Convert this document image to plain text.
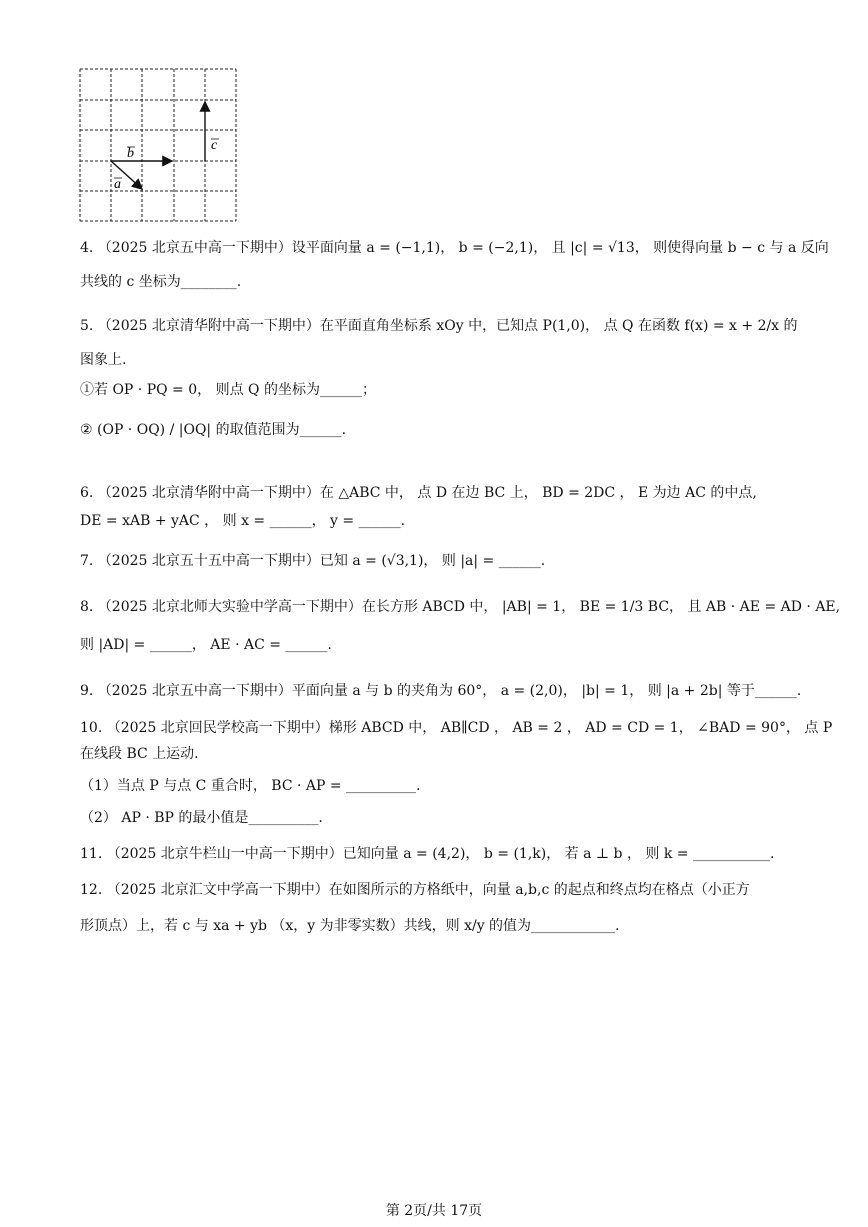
a
b
c
4. （2025 北京五中高一下期中）设平面向量 a = (−1,1)， b = (−2,1)， 且 |c| = √13， 则使得向量 b − c 与 a 反向
共线的 c 坐标为________.
5. （2025 北京清华附中高一下期中）在平面直角坐标系 xOy 中，已知点 P(1,0)， 点 Q 在函数 f(x) = x + 2/x 的
图象上.
①若 OP · PQ = 0， 则点 Q 的坐标为______；
② (OP · OQ) / |OQ| 的取值范围为______.
6. （2025 北京清华附中高一下期中）在 △ABC 中， 点 D 在边 BC 上， BD = 2DC ， E 为边 AC 的中点,
DE = xAB + yAC ， 则 x = ______， y = ______.
7. （2025 北京五十五中高一下期中）已知 a = (√3,1)， 则 |a| = ______.
8. （2025 北京北师大实验中学高一下期中）在长方形 ABCD 中， |AB| = 1， BE = 1/3 BC， 且 AB · AE = AD · AE,
则 |AD| = ______， AE · AC = ______.
9. （2025 北京五中高一下期中）平面向量 a 与 b 的夹角为 60°， a = (2,0)， |b| = 1， 则 |a + 2b| 等于______.
10. （2025 北京回民学校高一下期中）梯形 ABCD 中， AB∥CD ， AB = 2 ， AD = CD = 1， ∠BAD = 90°， 点 P
在线段 BC 上运动.
（1）当点 P 与点 C 重合时， BC · AP = __________.
（2） AP · BP 的最小值是__________.
11. （2025 北京牛栏山一中高一下期中）已知向量 a = (4,2)， b = (1,k)， 若 a ⊥ b ， 则 k = ___________.
12. （2025 北京汇文中学高一下期中）在如图所示的方格纸中，向量 a,b,c 的起点和终点均在格点（小正方
形顶点）上，若 c 与 xa + yb （x，y 为非零实数）共线，则 x/y 的值为____________.
第 2页/共 17页
